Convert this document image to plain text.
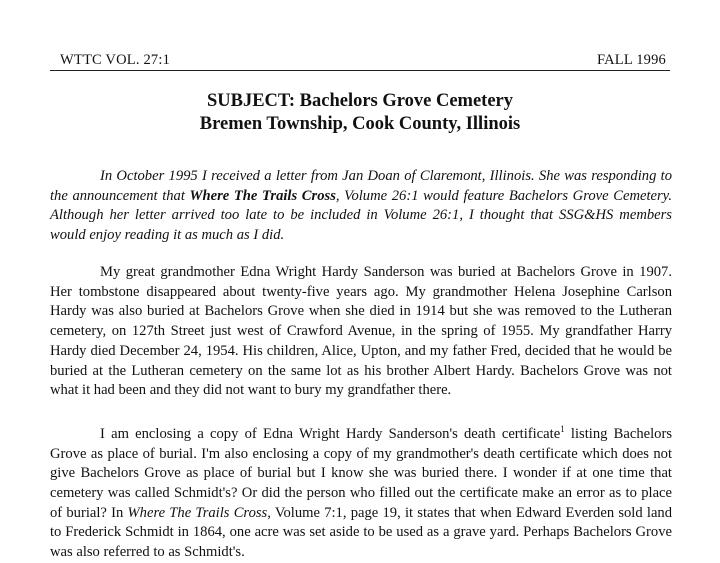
WTTC VOL. 27:1	FALL 1996
SUBJECT: Bachelors Grove Cemetery
Bremen Township, Cook County, Illinois

In October 1995 I received a letter from Jan Doan of Claremont, Illinois. She was responding to the announcement that Where The Trails Cross, Volume 26:1 would feature Bachelors Grove Cemetery. Although her letter arrived too late to be included in Volume 26:1, I thought that SSG&HS members would enjoy reading it as much as I did.

My great grandmother Edna Wright Hardy Sanderson was buried at Bachelors Grove in 1907. Her tombstone disappeared about twenty-five years ago. My grandmother Helena Josephine Carlson Hardy was also buried at Bachelors Grove when she died in 1914 but she was removed to the Lutheran cemetery, on 127th Street just west of Crawford Avenue, in the spring of 1955. My grandfather Harry Hardy died December 24, 1954. His children, Alice, Upton, and my father Fred, decided that he would be buried at the Lutheran cemetery on the same lot as his brother Albert Hardy. Bachelors Grove was not what it had been and they did not want to bury my grandfather there.

I am enclosing a copy of Edna Wright Hardy Sanderson's death certificate$^1$ listing Bachelors Grove as place of burial. I'm also enclosing a copy of my grandmother's death certificate which does not give Bachelors Grove as place of burial but I know she was buried there. I wonder if at one time that cemetery was called Schmidt's? Or did the person who filled out the certificate make an error as to place of burial? In Where The Trails Cross, Volume 7:1, page 19, it states that when Edward Everden sold land to Frederick Schmidt in 1864, one acre was set aside to be used as a grave yard. Perhaps Bachelors Grove was also referred to as Schmidt's.
